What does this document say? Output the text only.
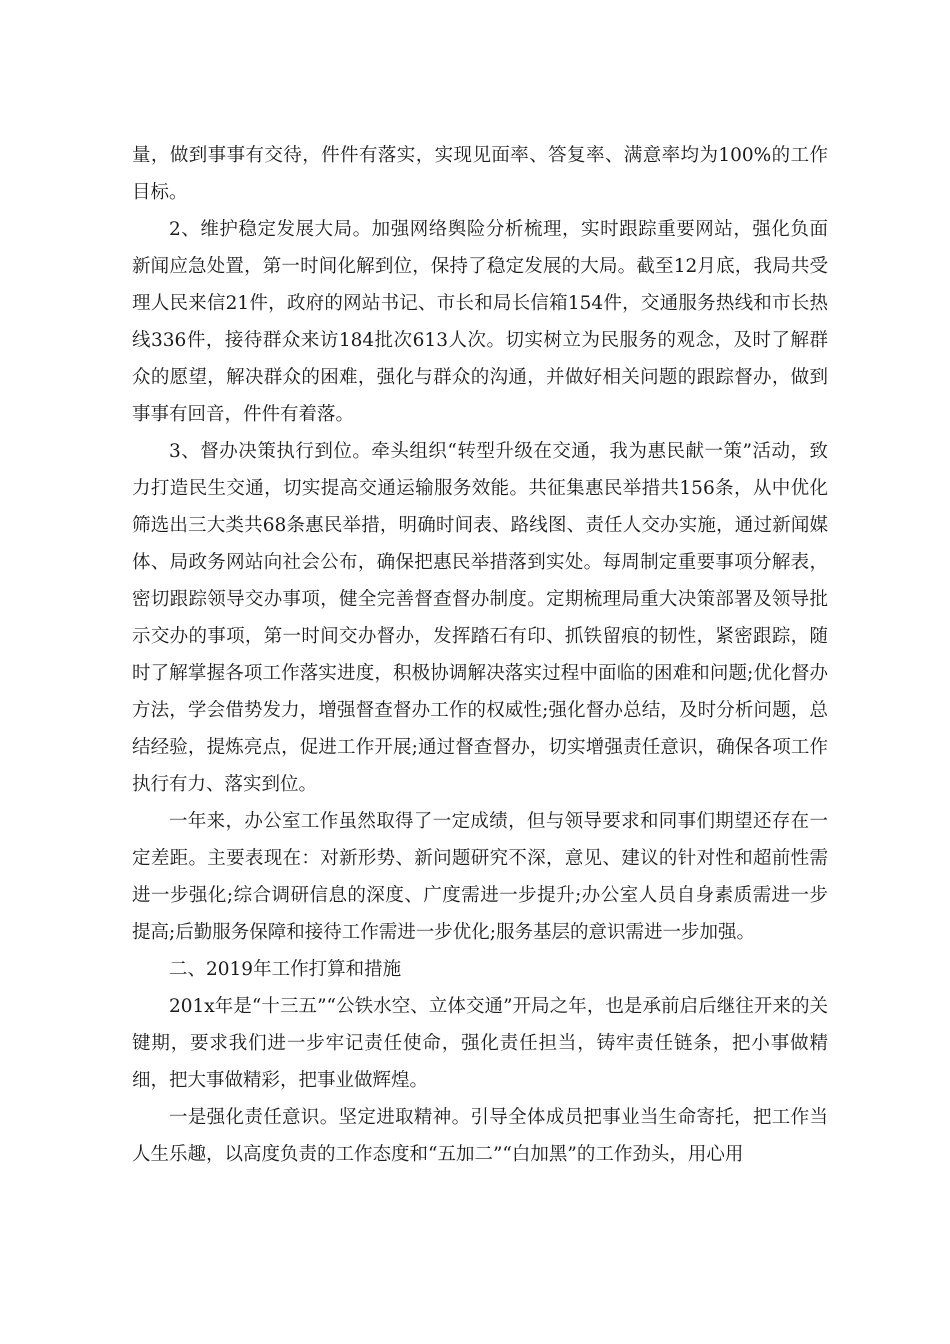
量，做到事事有交待，件件有落实，实现见面率、答复率、满意率均为100%的工作目标。

2、维护稳定发展大局。加强网络舆险分析梳理，实时跟踪重要网站，强化负面新闻应急处置，第一时间化解到位，保持了稳定发展的大局。截至12月底，我局共受理人民来信21件，政府的网站书记、市长和局长信箱154件，交通服务热线和市长热线336件，接待群众来访184批次613人次。切实树立为民服务的观念，及时了解群众的愿望，解决群众的困难，强化与群众的沟通，并做好相关问题的跟踪督办，做到事事有回音，件件有着落。

3、督办决策执行到位。牵头组织“转型升级在交通，我为惠民献一策”活动，致力打造民生交通，切实提高交通运输服务效能。共征集惠民举措共156条，从中优化筛选出三大类共68条惠民举措，明确时间表、路线图、责任人交办实施，通过新闻媒体、局政务网站向社会公布，确保把惠民举措落到实处。每周制定重要事项分解表，密切跟踪领导交办事项，健全完善督查督办制度。定期梳理局重大决策部署及领导批示交办的事项，第一时间交办督办，发挥踏石有印、抓铁留痕的韧性，紧密跟踪，随时了解掌握各项工作落实进度，积极协调解决落实过程中面临的困难和问题;优化督办方法，学会借势发力，增强督查督办工作的权威性;强化督办总结，及时分析问题，总结经验，提炼亮点，促进工作开展;通过督查督办，切实增强责任意识，确保各项工作执行有力、落实到位。

一年来，办公室工作虽然取得了一定成绩，但与领导要求和同事们期望还存在一定差距。主要表现在：对新形势、新问题研究不深，意见、建议的针对性和超前性需进一步强化;综合调研信息的深度、广度需进一步提升;办公室人员自身素质需进一步提高;后勤服务保障和接待工作需进一步优化;服务基层的意识需进一步加强。

二、2019年工作打算和措施

201x年是“十三五”“公铁水空、立体交通”开局之年，也是承前启后继往开来的关键期，要求我们进一步牢记责任使命，强化责任担当，铸牢责任链条，把小事做精细，把大事做精彩，把事业做辉煌。

一是强化责任意识。坚定进取精神。引导全体成员把事业当生命寄托，把工作当人生乐趣，以高度负责的工作态度和“五加二”“白加黑”的工作劲头，用心用
